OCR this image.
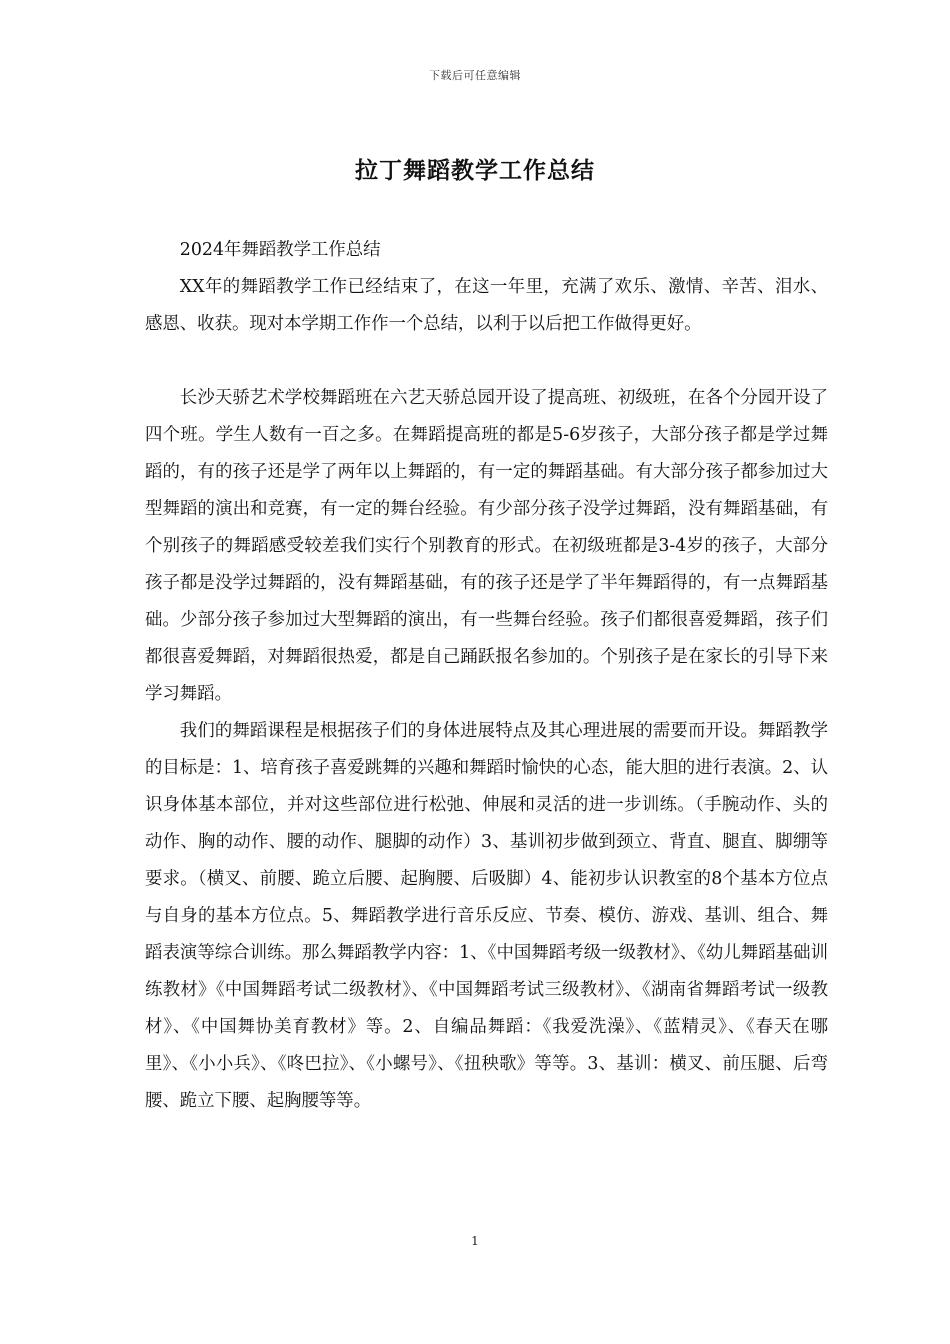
下载后可任意编辑
拉丁舞蹈教学工作总结

2024年舞蹈教学工作总结

XX年的舞蹈教学工作已经结束了，在这一年里，充满了欢乐、激情、辛苦、泪水、感恩、收获。现对本学期工作作一个总结，以利于以后把工作做得更好。

长沙天骄艺术学校舞蹈班在六艺天骄总园开设了提高班、初级班，在各个分园开设了四个班。学生人数有一百之多。在舞蹈提高班的都是5-6岁孩子，大部分孩子都是学过舞蹈的，有的孩子还是学了两年以上舞蹈的，有一定的舞蹈基础。有大部分孩子都参加过大型舞蹈的演出和竞赛，有一定的舞台经验。有少部分孩子没学过舞蹈，没有舞蹈基础，有个别孩子的舞蹈感受较差我们实行个别教育的形式。在初级班都是3-4岁的孩子，大部分孩子都是没学过舞蹈的，没有舞蹈基础，有的孩子还是学了半年舞蹈得的，有一点舞蹈基础。少部分孩子参加过大型舞蹈的演出，有一些舞台经验。孩子们都很喜爱舞蹈，孩子们都很喜爱舞蹈，对舞蹈很热爱，都是自己踊跃报名参加的。个别孩子是在家长的引导下来学习舞蹈。

我们的舞蹈课程是根据孩子们的身体进展特点及其心理进展的需要而开设。舞蹈教学的目标是：1、培育孩子喜爱跳舞的兴趣和舞蹈时愉快的心态，能大胆的进行表演。2、认识身体基本部位，并对这些部位进行松弛、伸展和灵活的进一步训练。（手腕动作、头的动作、胸的动作、腰的动作、腿脚的动作）3、基训初步做到颈立、背直、腿直、脚绷等要求。（横叉、前腰、跪立后腰、起胸腰、后吸脚）4、能初步认识教室的8个基本方位点与自身的基本方位点。5、舞蹈教学进行音乐反应、节奏、模仿、游戏、基训、组合、舞蹈表演等综合训练。那么舞蹈教学内容：1、《中国舞蹈考级一级教材》、《幼儿舞蹈基础训练教材》《中国舞蹈考试二级教材》、《中国舞蹈考试三级教材》、《湖南省舞蹈考试一级教材》、《中国舞协美育教材》等。2、自编品舞蹈：《我爱洗澡》、《蓝精灵》、《春天在哪里》、《小小兵》、《咚巴拉》、《小螺号》、《扭秧歌》等等。3、基训：横叉、前压腿、后弯腰、跪立下腰、起胸腰等等。

1
